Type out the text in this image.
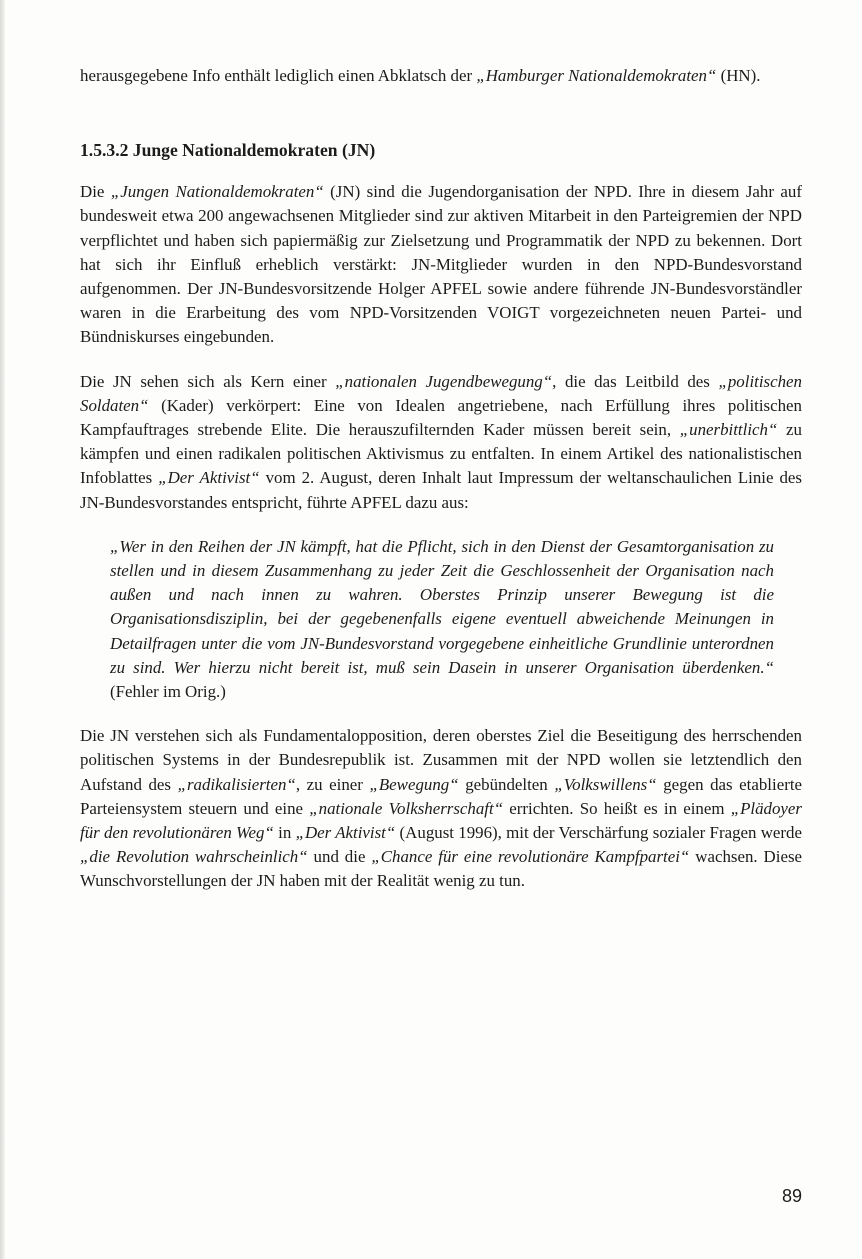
herausgegebene Info enthält lediglich einen Abklatsch der „Hamburger Nationaldemokraten“ (HN).

1.5.3.2 Junge Nationaldemokraten (JN)

Die „Jungen Nationaldemokraten“ (JN) sind die Jugendorganisation der NPD. Ihre in diesem Jahr auf bundesweit etwa 200 angewachsenen Mitglieder sind zur aktiven Mitarbeit in den Parteigremien der NPD verpflichtet und haben sich papiermäßig zur Zielsetzung und Programmatik der NPD zu bekennen. Dort hat sich ihr Einfluß erheblich verstärkt: JN-Mitglieder wurden in den NPD-Bundesvorstand aufgenommen. Der JN-Bundesvorsitzende Holger APFEL sowie andere führende JN-Bundesvorständler waren in die Erarbeitung des vom NPD-Vorsitzenden VOIGT vorgezeichneten neuen Partei- und Bündniskurses eingebunden.

Die JN sehen sich als Kern einer „nationalen Jugendbewegung“, die das Leitbild des „politischen Soldaten“ (Kader) verkörpert: Eine von Idealen angetriebene, nach Erfüllung ihres politischen Kampfauftrages strebende Elite. Die herauszufilternden Kader müssen bereit sein, „unerbittlich“ zu kämpfen und einen radikalen politischen Aktivismus zu entfalten. In einem Artikel des nationalistischen Infoblattes „Der Aktivist“ vom 2. August, deren Inhalt laut Impressum der weltanschaulichen Linie des JN-Bundesvorstandes entspricht, führte APFEL dazu aus:

„Wer in den Reihen der JN kämpft, hat die Pflicht, sich in den Dienst der Gesamtorganisation zu stellen und in diesem Zusammenhang zu jeder Zeit die Geschlossenheit der Organisation nach außen und nach innen zu wahren. Oberstes Prinzip unserer Bewegung ist die Organisationsdisziplin, bei der gegebenenfalls eigene eventuell abweichende Meinungen in Detailfragen unter die vom JN-Bundesvorstand vorgegebene einheitliche Grundlinie unterordnen zu sind. Wer hierzu nicht bereit ist, muß sein Dasein in unserer Organisation überdenken.“ (Fehler im Orig.)

Die JN verstehen sich als Fundamentalopposition, deren oberstes Ziel die Beseitigung des herrschenden politischen Systems in der Bundesrepublik ist. Zusammen mit der NPD wollen sie letztendlich den Aufstand des „radikalisierten“, zu einer „Bewegung“ gebündelten „Volkswillens“ gegen das etablierte Parteiensystem steuern und eine „nationale Volksherrschaft“ errichten. So heißt es in einem „Plädoyer für den revolutionären Weg“ in „Der Aktivist“ (August 1996), mit der Verschärfung sozialer Fragen werde „die Revolution wahrscheinlich“ und die „Chance für eine revolutionäre Kampfpartei“ wachsen. Diese Wunschvorstellungen der JN haben mit der Realität wenig zu tun.

89
